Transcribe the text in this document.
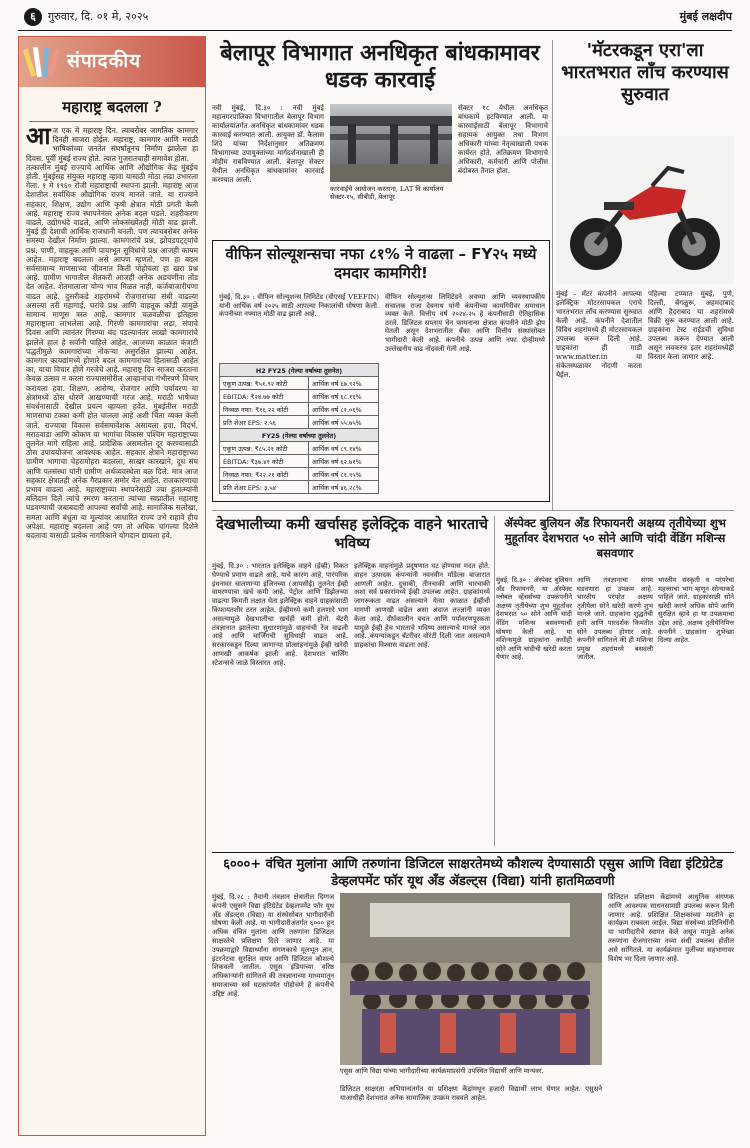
६	गुरुवार, दि. ०१ मे, २०२५	मुंबई लक्षदीप
संपादकीय
महाराष्ट्र बदलला ?
आज एक मे महाराष्ट्र दिन. त्याबरोबर जागतिक कामगार दिनही साजरा होईल. महाराष्ट्र, कामगार आणि मराठी भाषिकांच्या जनतेत संघर्षातूनच निर्माण झालेला हा दिवस. पूर्वी मुंबई राज्य होते. त्यात गुजरातचाही समावेश होता.
तत्कालीन मुंबई राज्याचे आर्थिक आणि औद्योगिक केंद्र मुंबईच होती. मुंबईसह संयुक्त महाराष्ट्र व्हावा यासाठी मोठा लढा उभारला गेला. १ मे १९६० रोजी महाराष्ट्राची स्थापना झाली. महाराष्ट्र आज देशातील सर्वाधिक औद्योगिक राज्य मानले जाते. या राज्याने सहकार, शिक्षण, उद्योग आणि कृषी क्षेत्रात मोठी प्रगती केली आहे. महाराष्ट्र राज्य स्थापनेनंतर अनेक बदल घडले. शहरीकरण वाढले, उद्योगधंदे वाढले, आणि लोकसंख्येतही मोठी वाढ झाली. मुंबई ही देशाची आर्थिक राजधानी बनली. पण त्याचबरोबर अनेक समस्या देखील निर्माण झाल्या. कामगारांचे प्रश्न, झोपडपट्ट्यांचे प्रश्न, पाणी, वाहतूक आणि पायाभूत सुविधांचे प्रश्न आजही कायम आहेत. महाराष्ट्र बदलला असे आपण म्हणतो, पण हा बदल सर्वसामान्य माणसाच्या जीवनात किती पोहोचला हा खरा प्रश्न आहे. ग्रामीण भागातील शेतकरी आजही अनेक अडचणींना तोंड देत आहेत. शेतमालाला योग्य भाव मिळत नाही, कर्जबाजारीपणा वाढत आहे. दुसरीकडे शहरांमध्ये रोजगाराच्या संधी वाढल्या असल्या तरी महागाई, घरांचे प्रश्न आणि वाहतूक कोंडी यामुळे सामान्य माणूस त्रस्त आहे. कामगार चळवळीचा इतिहास महाराष्ट्राला लाभलेला आहे. गिरणी कामगारांचा लढा, संपाचे दिवस आणि त्यानंतर गिरण्या बंद पडल्यानंतर लाखो कामगारांचे झालेले हाल हे सर्वांनी पाहिले आहेत. आजच्या काळात कंत्राटी पद्धतीमुळे कामगारांच्या नोकऱ्या असुरक्षित झाल्या आहेत. कामगार कायद्यांमध्ये होणारे बदल कामगारांच्या हितासाठी आहेत का, याचा विचार होणे गरजेचे आहे. महाराष्ट्र दिन साजरा करताना केवळ उत्सव न करता राज्यासमोरील आव्हानांचा गंभीरपणे विचार करायला हवा. शिक्षण, आरोग्य, रोजगार आणि पर्यावरण या क्षेत्रांमध्ये ठोस धोरणे आखण्याची गरज आहे. मराठी भाषेच्या संवर्धनासाठी देखील प्रयत्न व्हायला हवेत. मुंबईतील मराठी माणसाचा टक्का कमी होत चालला आहे अशी चिंता व्यक्त केली जाते. राज्याचा विकास सर्वसमावेशक असायला हवा. विदर्भ, मराठवाडा आणि कोकण या भागांचा विकास पश्चिम महाराष्ट्राच्या तुलनेत मागे राहिला आहे. प्रादेशिक असमतोल दूर करण्यासाठी ठोस उपाययोजना आवश्यक आहेत. सहकार क्षेत्राने महाराष्ट्राच्या ग्रामीण भागाचा चेहरामोहरा बदलला, साखर कारखाने, दूध संघ आणि पतसंस्था यांनी ग्रामीण अर्थव्यवस्थेला बळ दिले. मात्र आज सहकार क्षेत्रातही अनेक गैरप्रकार समोर येत आहेत. राजकारणाचा प्रभाव वाढला आहे. महाराष्ट्राच्या स्थापनेसाठी ज्या हुतात्म्यांनी बलिदान दिले त्यांचे स्मरण करताना त्यांच्या स्वप्नातील महाराष्ट्र घडवण्याची जबाबदारी आपल्या सर्वांची आहे. सामाजिक सलोखा, समता आणि बंधुता या मूल्यांवर आधारित राज्य उभे राहावे हीच अपेक्षा. महाराष्ट्र बदलला आहे पण तो अधिक चांगल्या दिशेने बदलावा यासाठी प्रत्येक नागरिकाने योगदान द्यायला हवे.
बेलापूर विभागात अनधिकृत बांधकामावर धडक कारवाई
नवी मुंबई, दि.३० : नवी मुंबई महानगरपालिका विभागातील बेलापूर विभाग कार्यालयांतर्गत अनधिकृत बांधकामांवर धडक कारवाई करण्यात आली. आयुक्त डॉ. कैलास शिंदे यांच्या निर्देशानुसार अतिक्रमण विभागाच्या उपायुक्तांच्या मार्गदर्शनाखाली ही मोहीम राबविण्यात आली. बेलापूर सेक्टर येथील अनधिकृत बांधकामांवर कारवाई करण्यात आली.
कारवाईचे आयोजन करताना, LAT वि कार्यालय सेक्टर-१५, सीबीडी, बेलापूर
सेक्टर १८ येथील अनधिकृत बांधकामे हटविण्यात आली. या कारवाईसाठी बेलापूर विभागाचे सहायक आयुक्त तथा विभाग अधिकारी यांच्या नेतृत्वाखाली पथक कार्यरत होते. अतिक्रमण विभागाचे अधिकारी, कर्मचारी आणि पोलीस बंदोबस्त तैनात होता.
'मॅटरकडून एरा'ला भारतभरात लाँच करण्यास सुरुवात
मुंबई – मॅटर कंपनीने आपल्या इलेक्ट्रिक मोटरसायकल एराचे भारतभरात लाँच करण्यास सुरुवात केली आहे. कंपनीने देशातील विविध शहरांमध्ये ही मोटरसायकल उपलब्ध करून दिली आहे. ग्राहकांना ही गाडी www.matter.in या संकेतस्थळावर नोंदणी करता येईल.
पहिल्या टप्प्यात मुंबई, पुणे, दिल्ली, बेंगळुरू, अहमदाबाद आणि हैदराबाद या शहरांमध्ये विक्री सुरू करण्यात आली आहे. ग्राहकांना टेस्ट राईडची सुविधा उपलब्ध करून देण्यात आली असून लवकरच इतर शहरांमध्येही विस्तार केला जाणार आहे.
वीफिन सोल्यूशन्सचा नफा ८१% ने वाढला – FY२५ मध्ये दमदार कामगिरी!
मुंबई, दि.३० : वीफिन सोल्यूशन्स लिमिटेड (वीएसई VEEFIN) यांनी आर्थिक वर्ष २०२५ साठी आपल्या निकालांची घोषणा केली. कंपनीच्या नफ्यात मोठी वाढ झाली आहे.
H2 FY25 (गेल्या वर्षाच्या तुलनेत)	
एकूण उत्पन्न: ₹५१.९२ कोटी	आर्थिक वर्ष ६७.९२%
EBITDA: ₹२४.७७ कोटी	आर्थिक वर्ष ६८.१६%
निव्वळ नफा: ₹१६.२२ कोटी	आर्थिक वर्ष ८१.०६%
प्रति शेअर EPS: २.५६	आर्थिक वर्ष ५५.७५%
FY25 (गेल्या वर्षाच्या तुलनेत)	
एकूण उत्पन्न: ₹८५.२१ कोटी	आर्थिक वर्ष ८९.१४%
EBITDA: ₹३७.४१ कोटी	आर्थिक वर्ष ६२.७१%
निव्वळ नफा: ₹२२.२१ कोटी	आर्थिक वर्ष ८१.९५%
प्रति शेअर EPS: ३.५४	आर्थिक वर्ष ४६.२८%
वीफिन सोल्यूशन्स लिमिटेडने अवघ्या आणि व्यवस्थापकीय संचालक राजा देबनाथ यांनी कंपनीच्या कामगिरीवर समाधान व्यक्त केले. वित्तीय वर्ष २०२४-२५ हे कंपनीसाठी ऐतिहासिक ठरले. डिजिटल सप्लाय चेन फायनान्स क्षेत्रात कंपनीने मोठी झेप घेतली असून देशभरातील बँका आणि वित्तीय संस्थांसोबत भागीदारी केली आहे. कंपनीचे उत्पन्न आणि नफा दोन्हीमध्ये उल्लेखनीय वाढ नोंदवली गेली आहे.
देखभालीच्या कमी खर्चासह इलेक्ट्रिक वाहने भारताचे भविष्य
मुंबई, दि.३० : भारतात इलेक्ट्रिक वाहने (ईव्ही) विकत घेण्याचे प्रमाण वाढले आहे. याचे कारण आहे, पारंपरिक इंधनावर चालणाऱ्या इंजिनच्या (आयसीई) तुलनेत ईव्ही वापरण्याचा खर्च कमी आहे. पेट्रोल आणि डिझेलच्या वाढत्या किमती लक्षात घेता इलेक्ट्रिक वाहने ग्राहकांसाठी किफायतशीर ठरत आहेत. ईव्हीमध्ये कमी हलणारे भाग असल्यामुळे देखभालीचा खर्चही कमी होतो. बॅटरी तंत्रज्ञानात झालेल्या सुधारणांमुळे वाहनांची रेंज वाढली आहे आणि चार्जिंगची सुविधाही वाढत आहे. सरकारकडून दिल्या जाणाऱ्या प्रोत्साहनांमुळे ईव्ही खरेदी आणखी आकर्षक झाली आहे. देशभरात चार्जिंग स्टेशन्सचे जाळे विस्तारत आहे.
इलेक्ट्रिक वाहनांमुळे प्रदूषणात घट होण्यास मदत होते. वाहन उत्पादक कंपन्यांनी नवनवीन मॉडेल्स बाजारात आणली आहेत. दुचाकी, तीनचाकी आणि चारचाकी अशा सर्व प्रकारांमध्ये ईव्ही उपलब्ध आहेत. ग्राहकांमध्ये जागरूकता वाढत असल्याने येत्या काळात ईव्हीची मागणी आणखी वाढेल असा अंदाज तज्ज्ञांनी व्यक्त केला आहे. दीर्घकालीन बचत आणि पर्यावरणपूरकता यामुळे ईव्ही हेच भारताचे भविष्य असल्याचे मानले जात आहे. कंपन्यांकडून बॅटरीवर वॉरंटी दिली जात असल्याने ग्राहकांचा विश्वास वाढला आहे.
ॲस्पेक्ट बुलियन ॲंड रिफायनरी अक्षय्य तृतीयेच्या शुभ मुहूर्तावर देशभरात ५० सोने आणि चांदी वेंडिंग मशिन्स बसवणार
मुंबई, दि.३० : ॲस्पेक्ट बुलियन ॲंड रिफायनरी, या ॲस्पेक्ट ग्लोबल व्हेंचर्सच्या उपकंपनीने अक्षय्य तृतीयेच्या शुभ मुहूर्तावर देशभरात ५० सोने आणि चांदी वेंडिंग मशिन्स बसवण्याची घोषणा केली आहे. या मशिन्समुळे ग्राहकांना कधीही सोने आणि चांदीची खरेदी करता येणार आहे.
आणि तंत्रज्ञानाचा संगम घडवणारा हा उपक्रम आहे. भारतीय परंपरेत अक्षय्य तृतीयेला सोने खरेदी करणे शुभ मानले जाते. ग्राहकांना शुद्धतेची हमी आणि पारदर्शक किमतीत सोने उपलब्ध होणार आहे. कंपनीने सांगितले की ही मशिन्स प्रमुख शहरांमध्ये बसवली जातील.
भारतीय संस्कृती व परंपरेचा महत्त्वाचा भाग म्हणून सोन्याकडे पाहिले जाते. ग्राहकांसाठी सोने खरेदी करणे अधिक सोपे आणि सुरक्षित व्हावे हा या उपक्रमाचा उद्देश आहे. अक्षय्य तृतीयेनिमित्त कंपनीने ग्राहकांना शुभेच्छा दिल्या आहेत.
६०००+ वंचित मुलांना आणि तरुणांना डिजिटल साक्षरतेमध्ये कौशल्य देण्यासाठी एसुस आणि विद्या इंटिग्रेटेड डेव्हलपमेंट फॉर यूथ ॲंड ॲडल्ट्स (विद्या) यांनी हातमिळवणी
मुंबई, दि.२८ : तैवानी तंत्रज्ञान क्षेत्रातील दिग्गज कंपनी एसुसने विद्या इंटिग्रेटेड डेव्हलपमेंट फॉर यूथ ॲंड ॲडल्ट्स (विद्या) या संस्थेसोबत भागीदारीची घोषणा केली आहे. या भागीदारीअंतर्गत ६००० हून अधिक वंचित मुलांना आणि तरुणांना डिजिटल साक्षरतेचे प्रशिक्षण दिले जाणार आहे. या उपक्रमाद्वारे विद्यार्थ्यांना संगणकाचे मूलभूत ज्ञान, इंटरनेटचा सुरक्षित वापर आणि डिजिटल कौशल्ये शिकवली जातील. एसुस इंडियाच्या वरिष्ठ अधिकाऱ्यांनी सांगितले की तंत्रज्ञानाच्या माध्यमातून समाजाच्या सर्व घटकांपर्यंत पोहोचणे हे कंपनीचे उद्दिष्ट आहे.
एसुस आणि विद्या यांच्या भागीदारीच्या कार्यक्रमाप्रसंगी उपस्थित विद्यार्थी आणि मान्यवर.
डिजिटल साक्षरता अभियानांतर्गत या प्रशिक्षण केंद्रांमधून हजारो विद्यार्थी लाभ घेणार आहेत. एसुसने याआधीही देशभरात अनेक सामाजिक उपक्रम राबवले आहेत.
डिजिटल प्रशिक्षण केंद्रांमध्ये आधुनिक संगणक आणि आवश्यक साधनसामग्री उपलब्ध करून दिली जाणार आहे. प्रशिक्षित शिक्षकांच्या मदतीने हा कार्यक्रम राबवला जाईल. विद्या संस्थेच्या प्रतिनिधींनी या भागीदारीचे स्वागत केले असून यामुळे अनेक तरुणांना रोजगाराच्या नव्या संधी उपलब्ध होतील असे सांगितले. या कार्यक्रमात मुलींच्या सहभागावर विशेष भर दिला जाणार आहे.
